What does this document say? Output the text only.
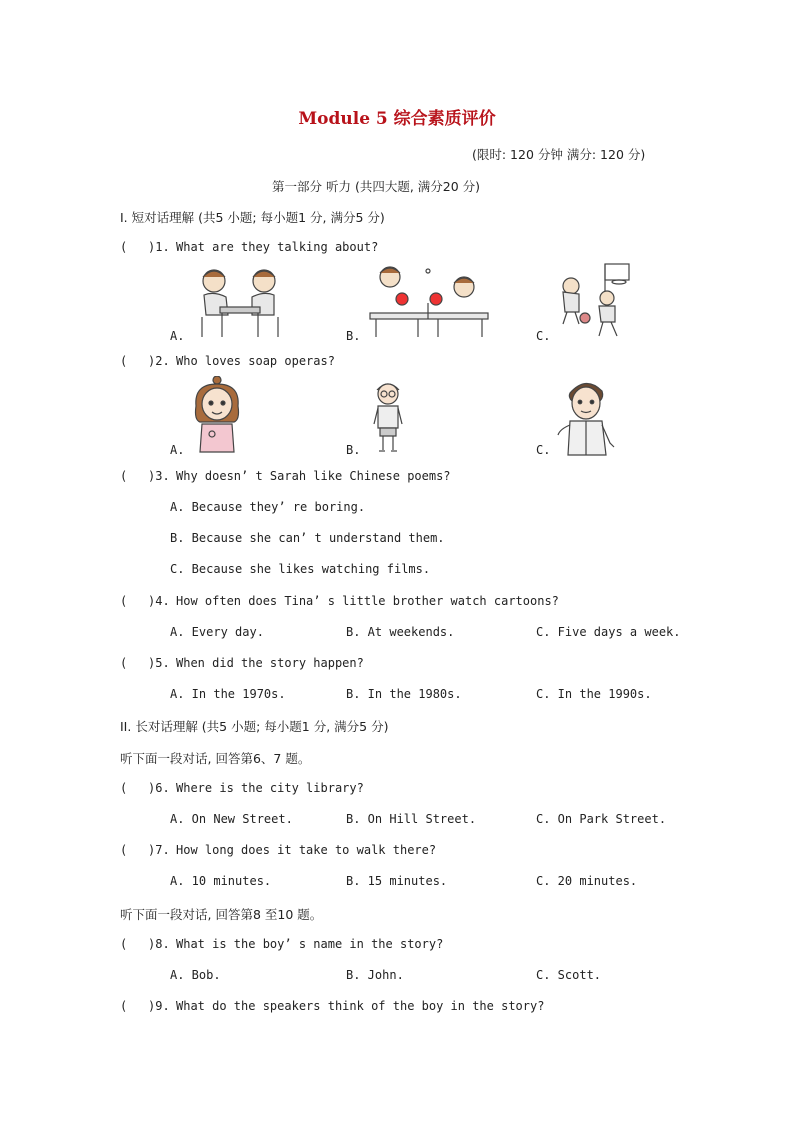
Module 5 综合素质评价
(限时: 120 分钟 满分: 120 分)
第一部分 听力 (共四大题, 满分20 分)
I. 短对话理解 (共5 小题; 每小题1 分, 满分5 分)
( )1. What are they talking about?
A.	B.	C.
( )2. Who loves soap operas?
A.	B.	C.
( )3. Why doesn’ t Sarah like Chinese poems?
A. Because they’ re boring.
B. Because she can’ t understand them.
C. Because she likes watching films.
( )4. How often does Tina’ s little brother watch cartoons?
A. Every day.	B. At weekends.	C. Five days a week.
( )5. When did the story happen?
A. In the 1970s.	B. In the 1980s.	C. In the 1990s.
II. 长对话理解 (共5 小题; 每小题1 分, 满分5 分)
听下面一段对话, 回答第6、7 题。
( )6. Where is the city library?
A. On New Street.	B. On Hill Street.	C. On Park Street.
( )7. How long does it take to walk there?
A. 10 minutes.	B. 15 minutes.	C. 20 minutes.
听下面一段对话, 回答第8 至10 题。
( )8. What is the boy’ s name in the story?
A. Bob.	B. John.	C. Scott.
( )9. What do the speakers think of the boy in the story?
